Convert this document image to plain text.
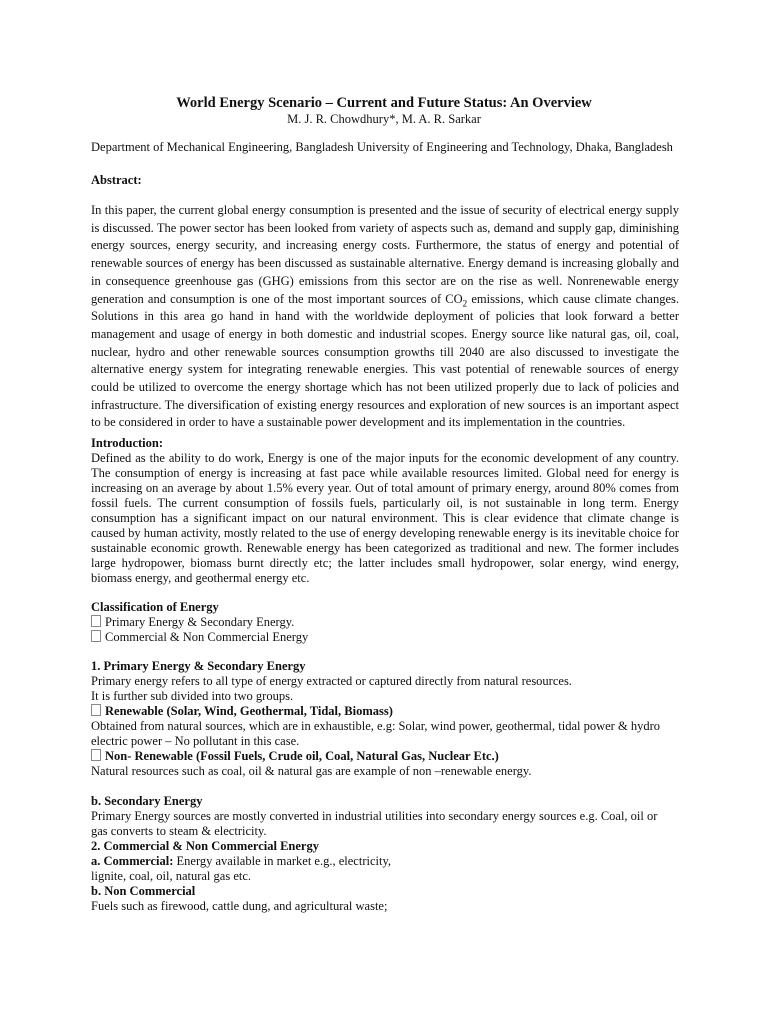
World Energy Scenario – Current and Future Status: An Overview
M. J. R. Chowdhury*, M. A. R. Sarkar
Department of Mechanical Engineering, Bangladesh University of Engineering and Technology, Dhaka, Bangladesh
Abstract:
In this paper, the current global energy consumption is presented and the issue of security of electrical energy supply is discussed. The power sector has been looked from variety of aspects such as, demand and supply gap, diminishing energy sources, energy security, and increasing energy costs. Furthermore, the status of energy and potential of renewable sources of energy has been discussed as sustainable alternative. Energy demand is increasing globally and in consequence greenhouse gas (GHG) emissions from this sector are on the rise as well. Nonrenewable energy generation and consumption is one of the most important sources of $CO_2$ emissions, which cause climate changes. Solutions in this area go hand in hand with the worldwide deployment of policies that look forward a better management and usage of energy in both domestic and industrial scopes. Energy source like natural gas, oil, coal, nuclear, hydro and other renewable sources consumption growths till 2040 are also discussed to investigate the alternative energy system for integrating renewable energies. This vast potential of renewable sources of energy could be utilized to overcome the energy shortage which has not been utilized properly due to lack of policies and infrastructure. The diversification of existing energy resources and exploration of new sources is an important aspect to be considered in order to have a sustainable power development and its implementation in the countries.
Introduction:
Defined as the ability to do work, Energy is one of the major inputs for the economic development of any country. The consumption of energy is increasing at fast pace while available resources limited. Global need for energy is increasing on an average by about 1.5% every year. Out of total amount of primary energy, around 80% comes from fossil fuels. The current consumption of fossils fuels, particularly oil, is not sustainable in long term. Energy consumption has a significant impact on our natural environment. This is clear evidence that climate change is caused by human activity, mostly related to the use of energy developing renewable energy is its inevitable choice for sustainable economic growth. Renewable energy has been categorized as traditional and new. The former includes large hydropower, biomass burnt directly etc; the latter includes small hydropower, solar energy, wind energy, biomass energy, and geothermal energy etc.
Classification of Energy
Primary Energy & Secondary Energy.
Commercial & Non Commercial Energy
1. Primary Energy & Secondary Energy
Primary energy refers to all type of energy extracted or captured directly from natural resources.
It is further sub divided into two groups.
Renewable (Solar, Wind, Geothermal, Tidal, Biomass)
Obtained from natural sources, which are in exhaustible, e.g: Solar, wind power, geothermal, tidal power & hydro
electric power – No pollutant in this case.
Non- Renewable (Fossil Fuels, Crude oil, Coal, Natural Gas, Nuclear Etc.)
Natural resources such as coal, oil & natural gas are example of non –renewable energy.
b. Secondary Energy
Primary Energy sources are mostly converted in industrial utilities into secondary energy sources e.g. Coal, oil or
gas converts to steam & electricity.
2. Commercial & Non Commercial Energy
a. Commercial: Energy available in market e.g., electricity,
lignite, coal, oil, natural gas etc.
b. Non Commercial
Fuels such as firewood, cattle dung, and agricultural waste;
